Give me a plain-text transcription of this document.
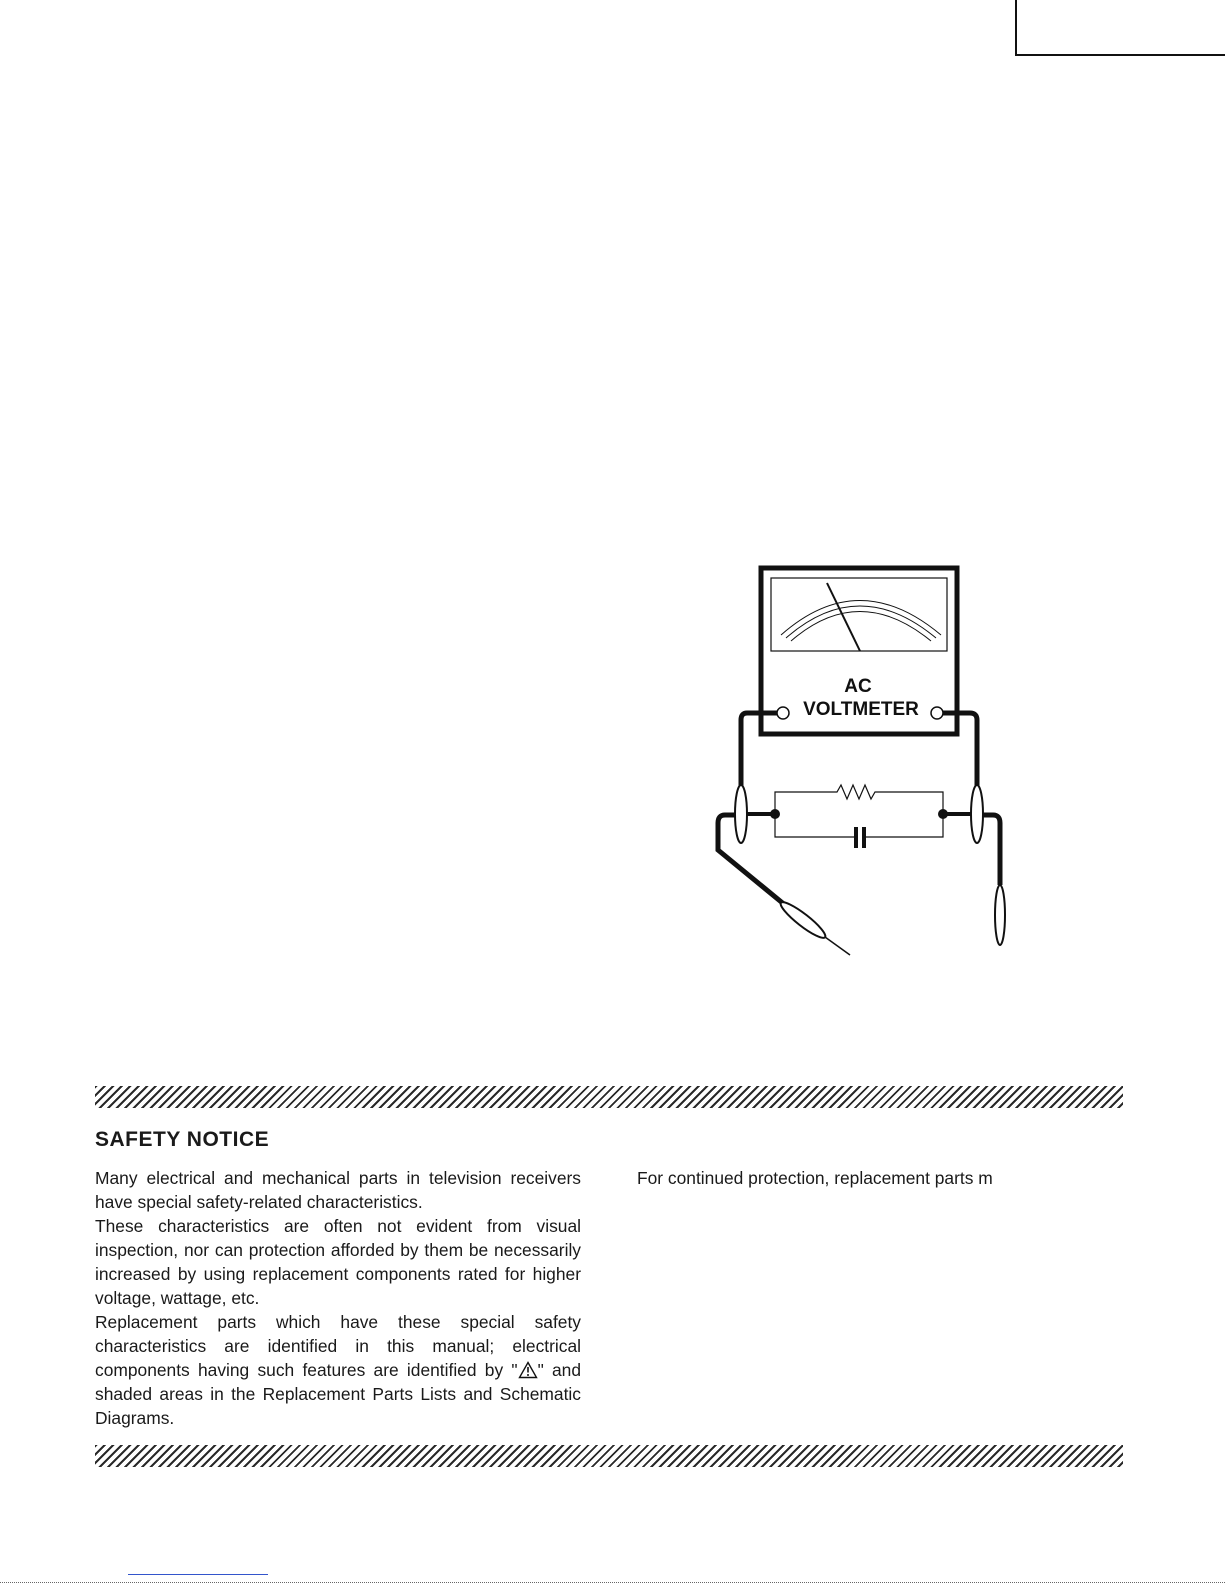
AC
VOLTMETER
SAFETY NOTICE

Many electrical and mechanical parts in television receivers have special safety-related characteristics.

These characteristics are often not evident from visual inspection, nor can protection afforded by them be necessarily increased by using replacement components rated for higher voltage, wattage, etc.

Replacement parts which have these special safety characteristics are identified in this manual; electrical components having such features are identified by " " and shaded areas in the Replacement Parts Lists and Schematic Diagrams.

For continued protection, replacement parts m
